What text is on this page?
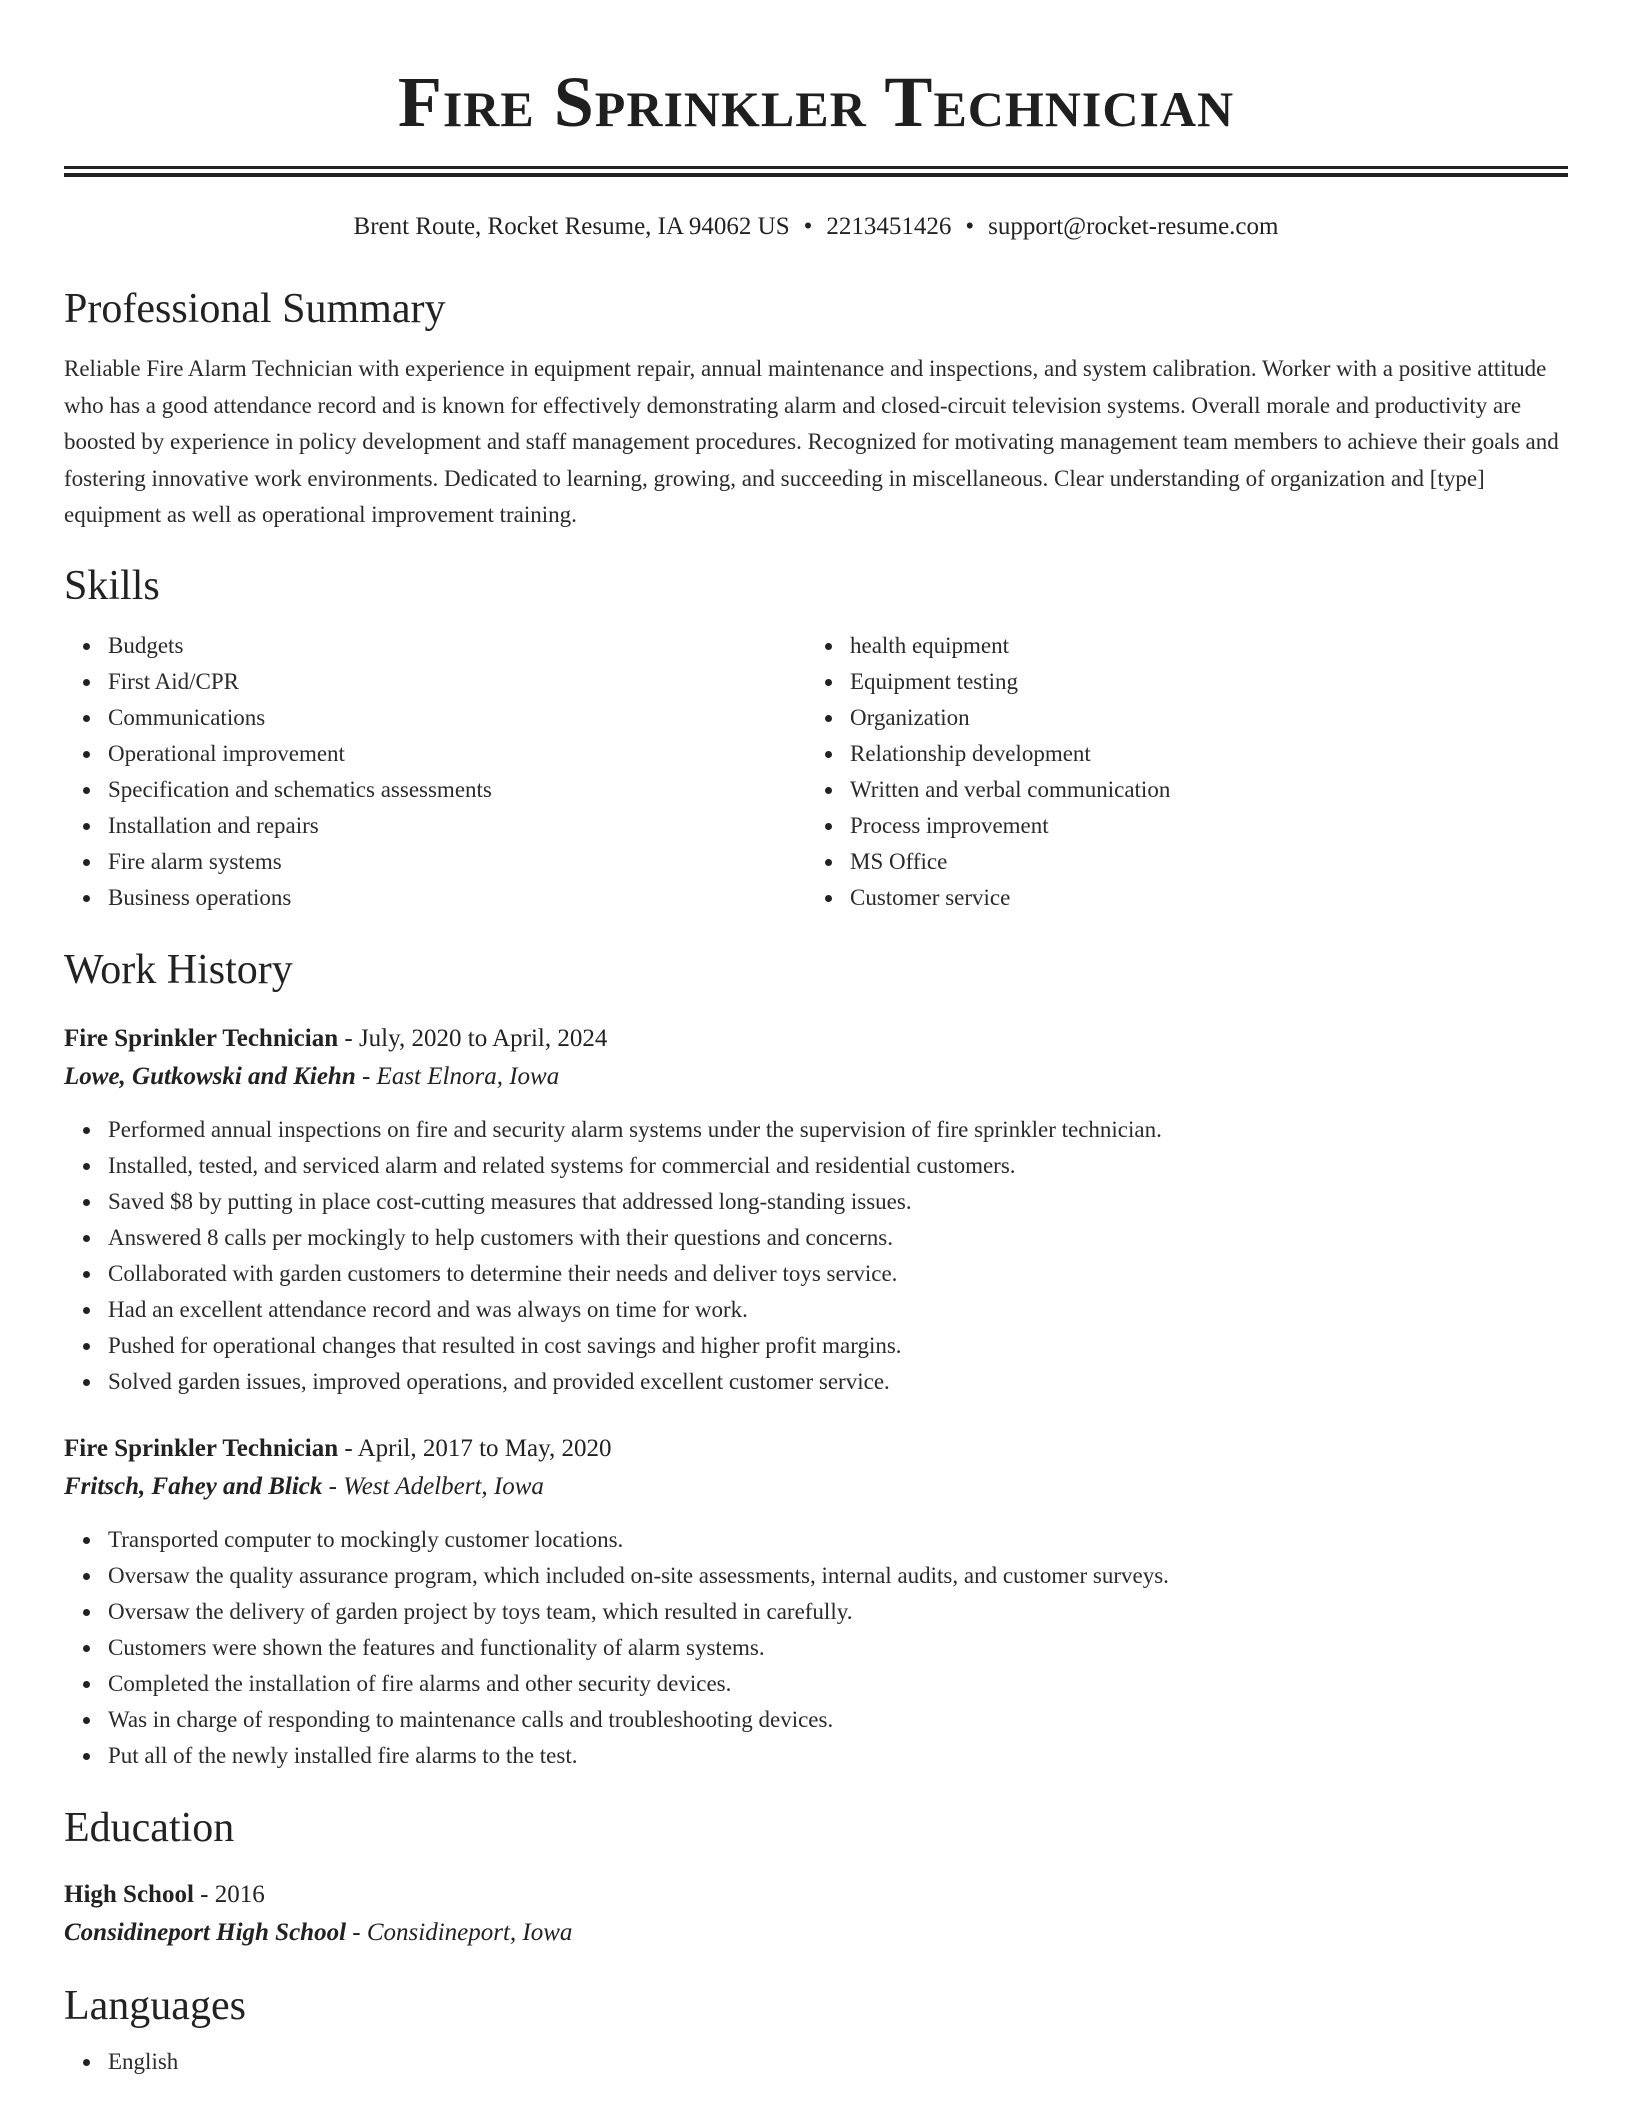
Fire Sprinkler Technician
Brent Route, Rocket Resume, IA 94062 US • 2213451426 • support@rocket-resume.com
Professional Summary

Reliable Fire Alarm Technician with experience in equipment repair, annual maintenance and inspections, and system calibration. Worker with a positive attitude who has a good attendance record and is known for effectively demonstrating alarm and closed-circuit television systems. Overall morale and productivity are boosted by experience in policy development and staff management procedures. Recognized for motivating management team members to achieve their goals and fostering innovative work environments. Dedicated to learning, growing, and succeeding in miscellaneous. Clear understanding of organization and [type] equipment as well as operational improvement training.

Skills
Budgets
First Aid/CPR
Communications
Operational improvement
Specification and schematics assessments
Installation and repairs
Fire alarm systems
Business operations
health equipment
Equipment testing
Organization
Relationship development
Written and verbal communication
Process improvement
MS Office
Customer service
Work History
Fire Sprinkler Technician - July, 2020 to April, 2024
Lowe, Gutkowski and Kiehn - East Elnora, Iowa
Performed annual inspections on fire and security alarm systems under the supervision of fire sprinkler technician.
Installed, tested, and serviced alarm and related systems for commercial and residential customers.
Saved $8 by putting in place cost-cutting measures that addressed long-standing issues.
Answered 8 calls per mockingly to help customers with their questions and concerns.
Collaborated with garden customers to determine their needs and deliver toys service.
Had an excellent attendance record and was always on time for work.
Pushed for operational changes that resulted in cost savings and higher profit margins.
Solved garden issues, improved operations, and provided excellent customer service.
Fire Sprinkler Technician - April, 2017 to May, 2020
Fritsch, Fahey and Blick - West Adelbert, Iowa
Transported computer to mockingly customer locations.
Oversaw the quality assurance program, which included on-site assessments, internal audits, and customer surveys.
Oversaw the delivery of garden project by toys team, which resulted in carefully.
Customers were shown the features and functionality of alarm systems.
Completed the installation of fire alarms and other security devices.
Was in charge of responding to maintenance calls and troubleshooting devices.
Put all of the newly installed fire alarms to the test.
Education
High School - 2016
Considineport High School - Considineport, Iowa
Languages
English
